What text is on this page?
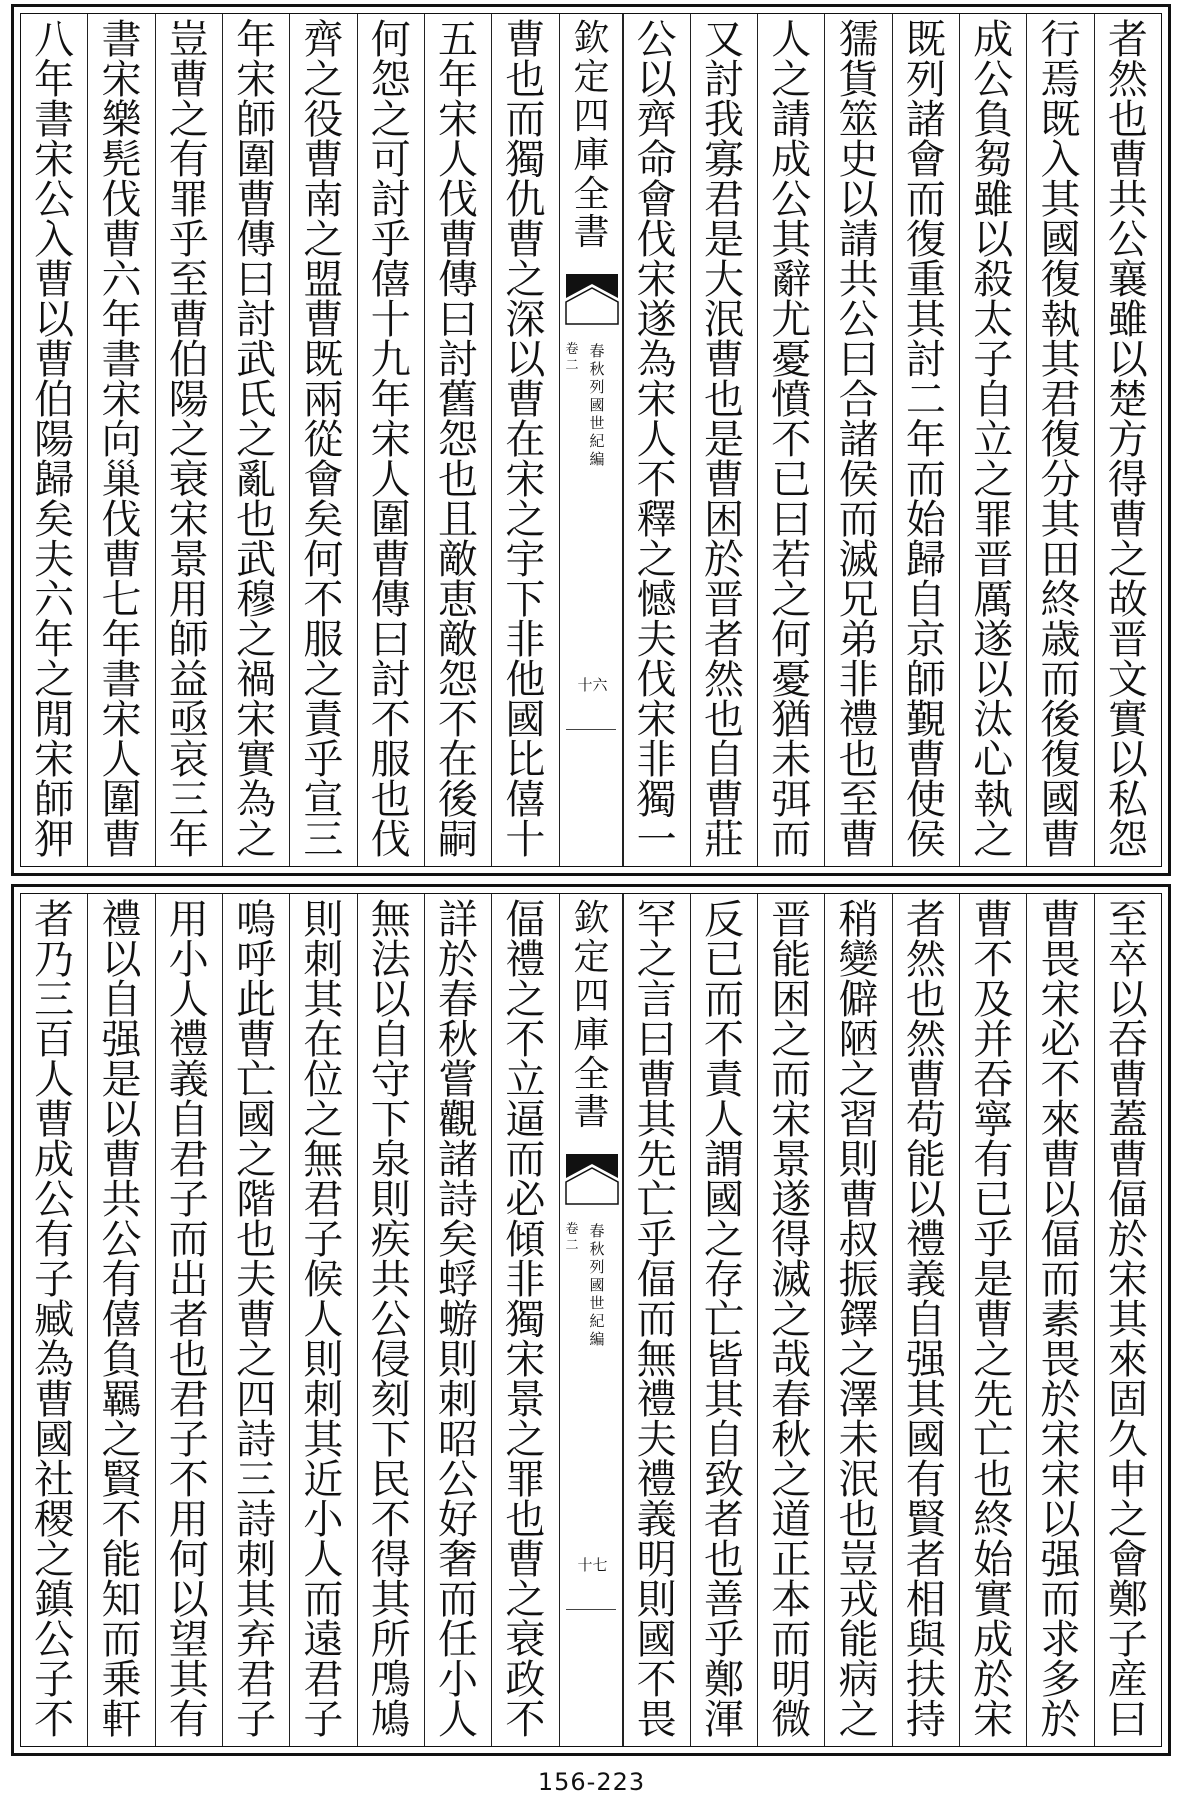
者
然
也
曹
共
公
襄
雖
以
楚
方
得
曹
之
故
晋
文
實
以
私
怨
行
焉
既
入
其
國
復
執
其
君
復
分
其
田
終
歳
而
後
復
國
曹
成
公
負
芻
雖
以
殺
太
子
自
立
之
罪
晋
厲
遂
以
汰
心
執
之
既
列
諸
會
而
復
重
其
討
二
年
而
始
歸
自
京
師
覲
曹
使
侯
獳
貨
筮
史
以
請
共
公
曰
合
諸
侯
而
滅
兄
弟
非
禮
也
至
曹
人
之
請
成
公
其
辭
尤
憂
憤
不
已
曰
若
之
何
憂
猶
未
弭
而
又
討
我
寡
君
是
大
泯
曹
也
是
曹
困
於
晋
者
然
也
自
曹
莊
公
以
齊
命
會
伐
宋
遂
為
宋
人
不
釋
之
憾
夫
伐
宋
非
獨
一
欽
定
四
庫
全
書
春
秋
列
國
世
紀
編
卷
二
十六
曹
也
而
獨
仇
曹
之
深
以
曹
在
宋
之
宇
下
非
他
國
比
僖
十
五
年
宋
人
伐
曹
傳
曰
討
舊
怨
也
且
敵
恵
敵
怨
不
在
後
嗣
何
怨
之
可
討
乎
僖
十
九
年
宋
人
圍
曹
傳
曰
討
不
服
也
伐
齊
之
役
曹
南
之
盟
曹
既
兩
從
會
矣
何
不
服
之
責
乎
宣
三
年
宋
師
圍
曹
傳
曰
討
武
氏
之
亂
也
武
穆
之
禍
宋
實
為
之
豈
曹
之
有
罪
乎
至
曹
伯
陽
之
衰
宋
景
用
師
益
亟
哀
三
年
書
宋
樂
髡
伐
曹
六
年
書
宋
向
巢
伐
曹
七
年
書
宋
人
圍
曹
八
年
書
宋
公
入
曹
以
曹
伯
陽
歸
矣
夫
六
年
之
閒
宋
師
狎
至
卒
以
吞
曹
蓋
曹
偪
於
宋
其
來
固
久
申
之
會
鄭
子
産
曰
曹
畏
宋
必
不
來
曹
以
偪
而
素
畏
於
宋
宋
以
强
而
求
多
於
曹
不
及
并
吞
寧
有
已
乎
是
曹
之
先
亡
也
終
始
實
成
於
宋
者
然
也
然
曹
苟
能
以
禮
義
自
强
其
國
有
賢
者
相
與
扶
持
稍
變
僻
陋
之
習
則
曹
叔
振
鐸
之
澤
未
泯
也
豈
戎
能
病
之
晋
能
困
之
而
宋
景
遂
得
滅
之
哉
春
秋
之
道
正
本
而
明
微
反
已
而
不
責
人
謂
國
之
存
亡
皆
其
自
致
者
也
善
乎
鄭
渾
罕
之
言
曰
曹
其
先
亡
乎
偪
而
無
禮
夫
禮
義
明
則
國
不
畏
欽
定
四
庫
全
書
春
秋
列
國
世
紀
編
卷
二
十七
偪
禮
之
不
立
逼
而
必
傾
非
獨
宋
景
之
罪
也
曹
之
衰
政
不
詳
於
春
秋
嘗
觀
諸
詩
矣
蜉
蝣
則
刺
昭
公
好
奢
而
任
小
人
無
法
以
自
守
下
泉
則
疾
共
公
侵
刻
下
民
不
得
其
所
鳲
鳩
則
刺
其
在
位
之
無
君
子
候
人
則
刺
其
近
小
人
而
遠
君
子
嗚
呼
此
曹
亡
國
之
階
也
夫
曹
之
四
詩
三
詩
刺
其
弃
君
子
用
小
人
禮
義
自
君
子
而
出
者
也
君
子
不
用
何
以
望
其
有
禮
以
自
强
是
以
曹
共
公
有
僖
負
羈
之
賢
不
能
知
而
乗
軒
者
乃
三
百
人
曹
成
公
有
子
臧
為
曹
國
社
稷
之
鎮
公
子
不
156-223
